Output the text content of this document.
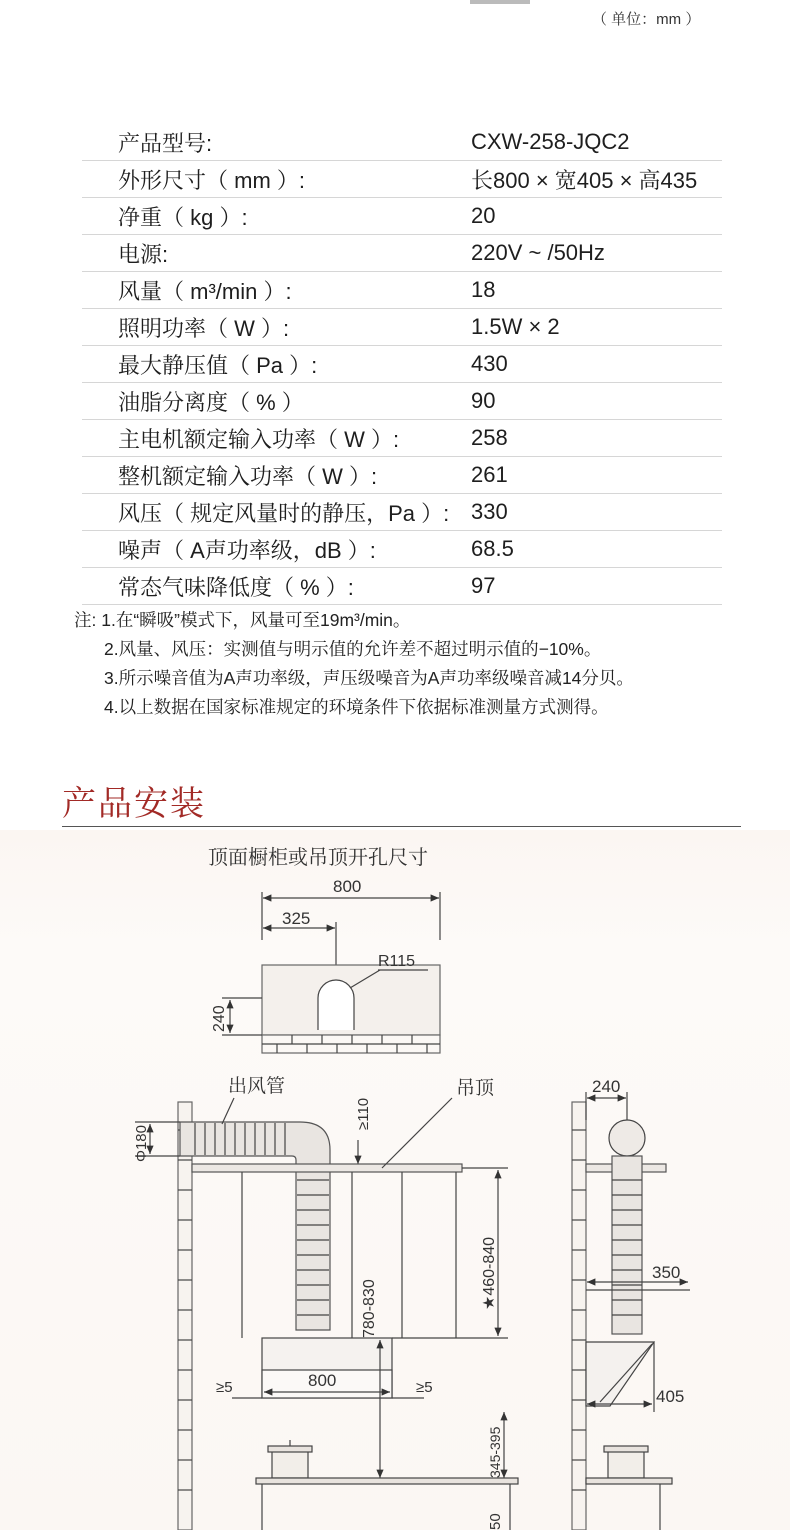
（ 单位：mm ）
产品型号:	CXW-258-JQC2
外形尺寸（ mm ）:	长800 × 宽405 × 高435
净重（ kg ）:	20
电源:	220V ~ /50Hz
风量（ m³/min ）:	18
照明功率（ W ）:	1.5W × 2
最大静压值（ Pa ）:	430
油脂分离度（ % ）	90
主电机额定输入功率（ W ）:	258
整机额定输入功率（ W ）:	261
风压（ 规定风量时的静压，Pa ）: 330
噪声（ A声功率级，dB ）:	68.5
常态气味降低度（ % ）:	97
注: 1.在“瞬吸”模式下，风量可至19m³/min。
2.风量、风压：实测值与明示值的允许差不超过明示值的−10%。
3.所示噪音值为A声功率级，声压级噪音为A声功率级噪音减14分贝。
4.以上数据在国家标准规定的环境条件下依据标准测量方式测得。
产品安装
顶面橱柜或吊顶开孔尺寸
800
325
R115
240
出风管
Φ180
≥110
吊顶
★460-840
780-830
800
≥5	≥5
345-395
50
240
350
405
